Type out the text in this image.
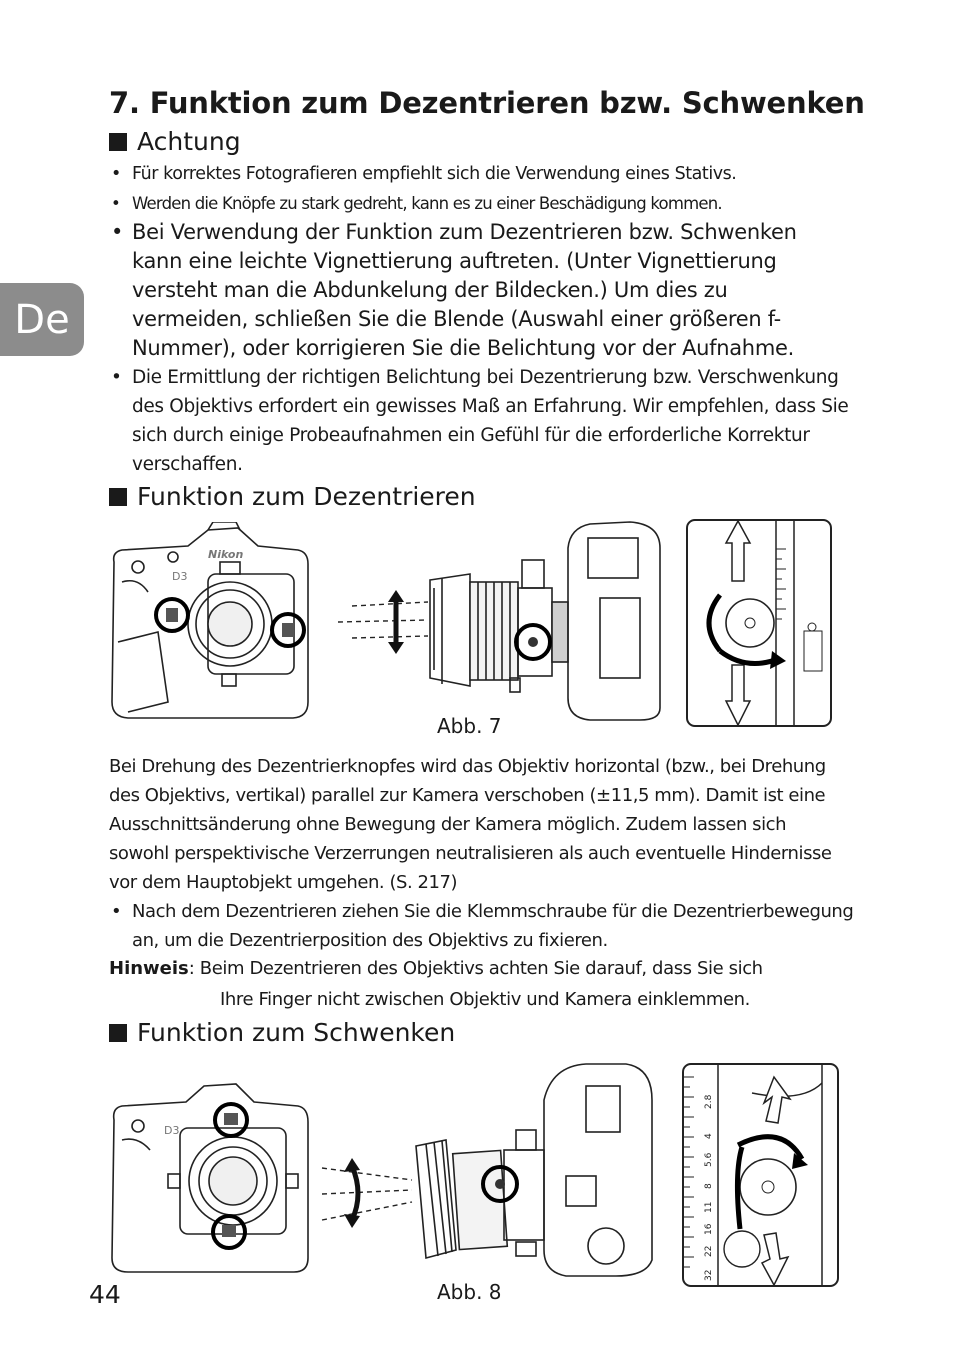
De
7. Funktion zum Dezentrieren bzw. Schwenken
Achtung
• Für korrektes Fotografieren empfiehlt sich die Verwendung eines Stativs.
• Werden die Knöpfe zu stark gedreht, kann es zu einer Beschädigung kommen.
• Bei Verwendung der Funktion zum Dezentrieren bzw. Schwenken kann eine leichte Vignettierung auftreten. (Unter Vignettierung versteht man die Abdunkelung der Bildecken.) Um dies zu vermeiden, schließen Sie die Blende (Auswahl einer größeren f-Nummer), oder korrigieren Sie die Belichtung vor der Aufnahme.
• Die Ermittlung der richtigen Belichtung bei Dezentrierung bzw. Verschwenkung des Objektivs erfordert ein gewisses Maß an Erfahrung. Wir empfehlen, dass Sie sich durch einige Probeaufnahmen ein Gefühl für die erforderliche Korrektur verschaffen.
Funktion zum Dezentrieren
Nikon
D3
Abb. 7

Bei Drehung des Dezentrierknopfes wird das Objektiv horizontal (bzw., bei Drehung des Objektivs, vertikal) parallel zur Kamera verschoben (±11,5 mm). Damit ist eine Ausschnittsänderung ohne Bewegung der Kamera möglich. Zudem lassen sich sowohl perspektivische Verzerrungen neutralisieren als auch eventuelle Hindernisse vor dem Hauptobjekt umgehen. (S. 217)

• Nach dem Dezentrieren ziehen Sie die Klemmschraube für die Dezentrierbewegung an, um die Dezentrierposition des Objektivs zu fixieren.
Hinweis: Beim Dezentrieren des Objektivs achten Sie darauf, dass Sie sich
Ihre Finger nicht zwischen Objektiv und Kamera einklemmen.
Funktion zum Schwenken
D3
32
22
16
11
8
5.6
4
2.8
Abb. 8
44
